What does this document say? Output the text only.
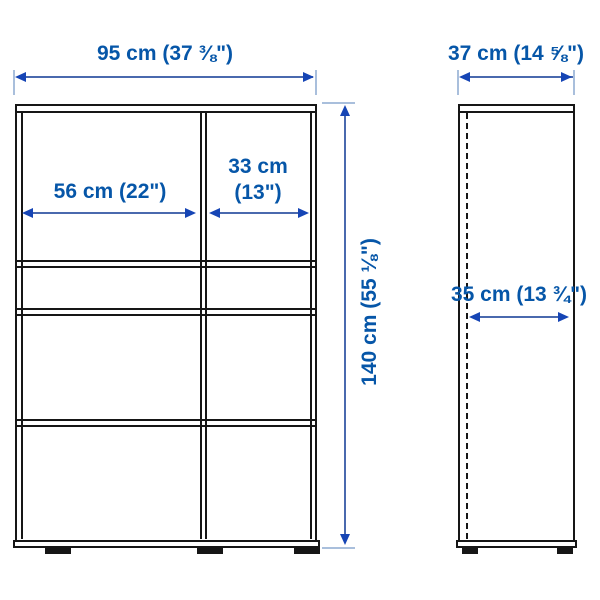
95 cm (37 ⅜")	37 cm (14 ⅝")
56 cm (22")
33 cm
(13")
140 cm (55 ⅛")	35 cm (13 ¾")
